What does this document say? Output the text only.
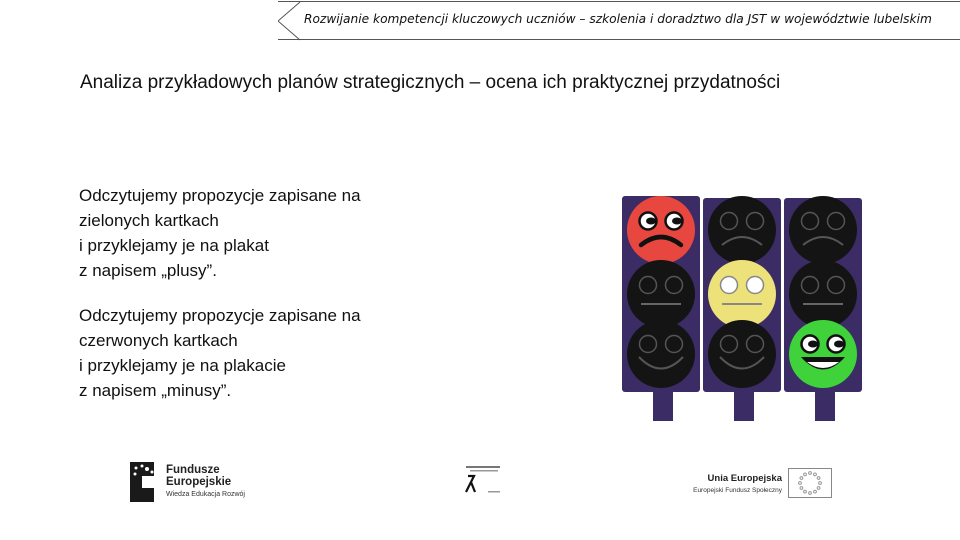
Rozwijanie kompetencji kluczowych uczniów – szkolenia i doradztwo dla JST w województwie lubelskim
Analiza przykładowych planów strategicznych – ocena ich praktycznej przydatności
Odczytujemy propozycje zapisane na
zielonych kartkach
i przyklejamy je na plakat
z napisem „plusy”.
Odczytujemy propozycje zapisane na
czerwonych kartkach
i przyklejamy je na plakacie
z napisem „minusy”.
Fundusze
Europejskie
Wiedza Edukacja Rozwój
Unia Europejska
Europejski Fundusz Społeczny
